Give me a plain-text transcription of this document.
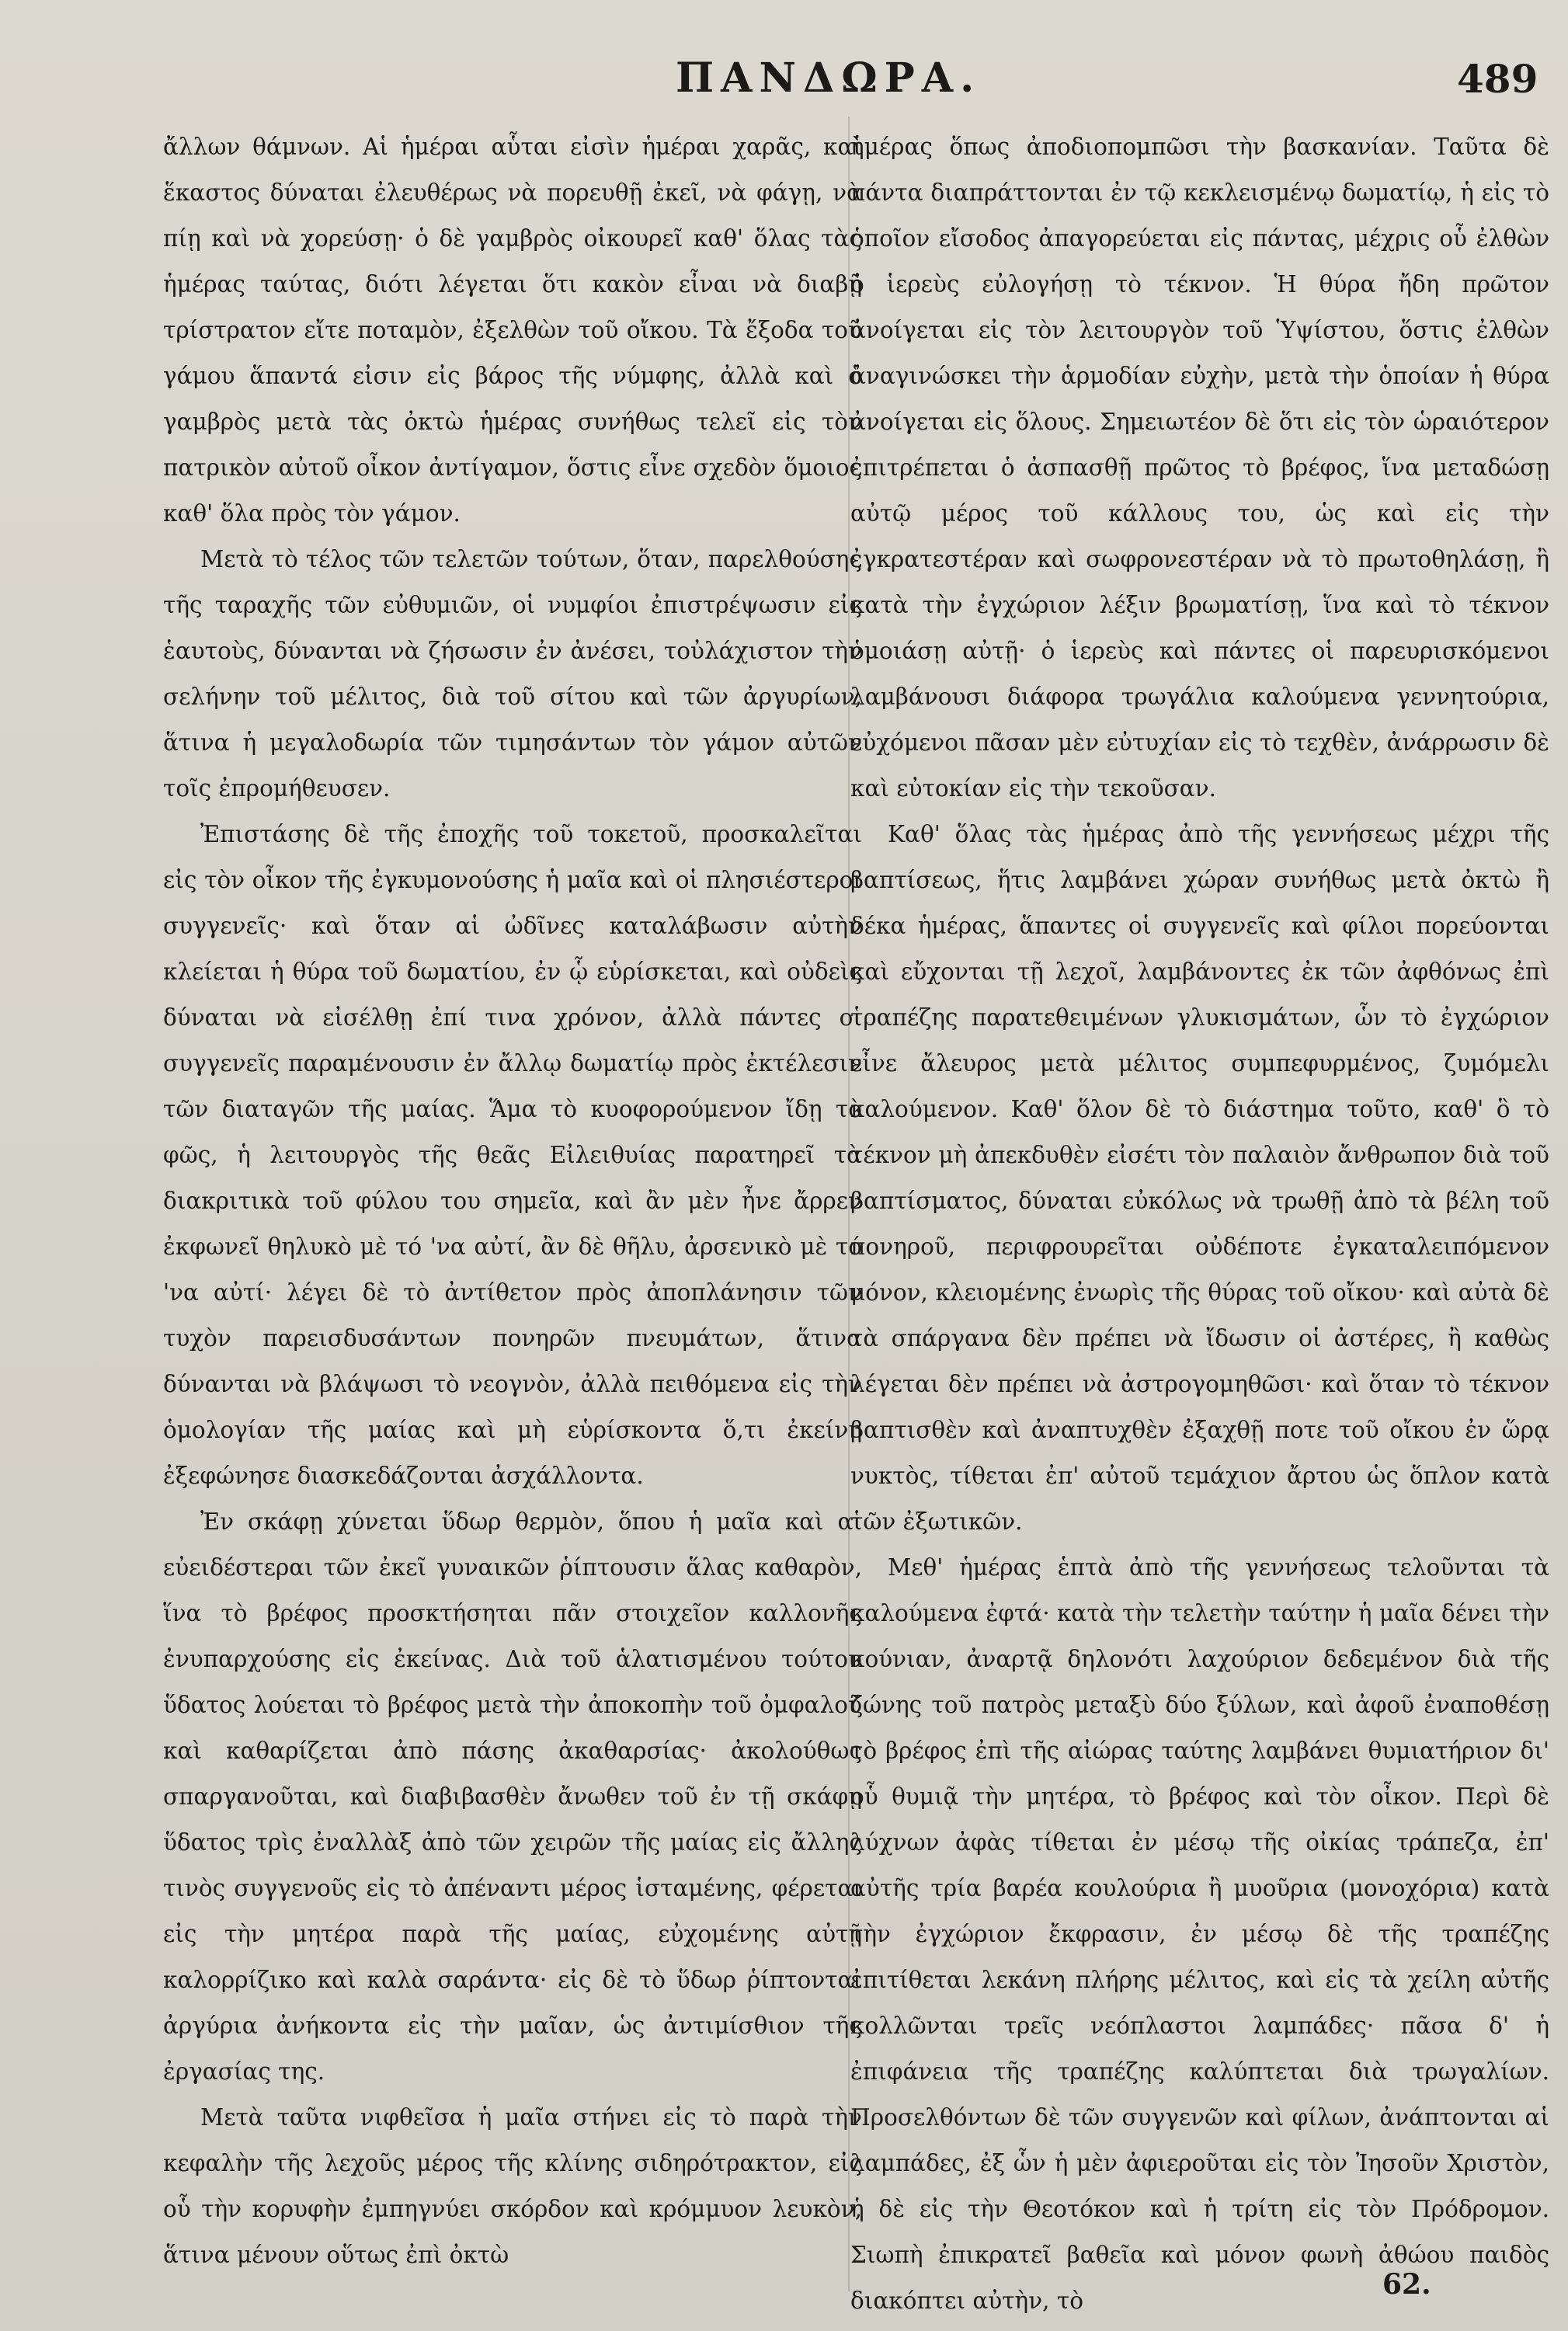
ΠΑΝΔΩΡΑ.	489

ἄλλων θάμνων. Αἱ ἡμέραι αὗται εἰσὶν ἡμέραι χαρᾶς, καὶ ἕκαστος δύναται ἐλευθέρως νὰ πορευθῇ ἐκεῖ, νὰ φάγῃ, νὰ πίῃ καὶ νὰ χορεύσῃ· ὁ δὲ γαμβρὸς οἰκουρεῖ καθ' ὅλας τὰς ἡμέρας ταύτας, διότι λέγεται ὅτι κακὸν εἶναι νὰ διαβῇ τρίστρατον εἴτε ποταμὸν, ἐξελθὼν τοῦ οἴκου. Τὰ ἔξοδα τοῦ γάμου ἅπαντά εἰσιν εἰς βάρος τῆς νύμφης, ἀλλὰ καὶ ὁ γαμβρὸς μετὰ τὰς ὀκτὼ ἡμέρας συνήθως τελεῖ εἰς τὸν πατρικὸν αὐτοῦ οἶκον ἀντίγαμον, ὅστις εἶνε σχεδὸν ὅμοιος καθ' ὅλα πρὸς τὸν γάμον.

Μετὰ τὸ τέλος τῶν τελετῶν τούτων, ὅταν, παρελθούσης τῆς ταραχῆς τῶν εὐθυμιῶν, οἱ νυμφίοι ἐπιστρέψωσιν εἰς ἑαυτοὺς, δύνανται νὰ ζήσωσιν ἐν ἀνέσει, τοὐλάχιστον τὴν σελήνην τοῦ μέλιτος, διὰ τοῦ σίτου καὶ τῶν ἀργυρίων, ἅτινα ἡ μεγαλοδωρία τῶν τιμησάντων τὸν γάμον αὐτῶν τοῖς ἐπρομήθευσεν.

Ἐπιστάσης δὲ τῆς ἐποχῆς τοῦ τοκετοῦ, προσκαλεῖται εἰς τὸν οἶκον τῆς ἐγκυμονούσης ἡ μαῖα καὶ οἱ πλησιέστεροι συγγενεῖς· καὶ ὅταν αἱ ὠδῖνες καταλάβωσιν αὐτὴν κλείεται ἡ θύρα τοῦ δωματίου, ἐν ᾧ εὑρίσκεται, καὶ οὐδεὶς δύναται νὰ εἰσέλθῃ ἐπί τινα χρόνον, ἀλλὰ πάντες οἱ συγγενεῖς παραμένουσιν ἐν ἄλλῳ δωματίῳ πρὸς ἐκτέλεσιν τῶν διαταγῶν τῆς μαίας. Ἅμα τὸ κυοφορούμενον ἴδῃ τὸ φῶς, ἡ λειτουργὸς τῆς θεᾶς Εἰλειθυίας παρατηρεῖ τὰ διακριτικὰ τοῦ φύλου του σημεῖα, καὶ ἂν μὲν ἦνε ἄρρεν ἐκφωνεῖ θηλυκὸ μὲ τό 'να αὐτί, ἂν δὲ θῆλυ, ἀρσενικὸ μὲ τό 'να αὐτί· λέγει δὲ τὸ ἀντίθετον πρὸς ἀποπλάνησιν τῶν τυχὸν παρεισδυσάντων πονηρῶν πνευμάτων, ἅτινα δύνανται νὰ βλάψωσι τὸ νεογνὸν, ἀλλὰ πειθόμενα εἰς τὴν ὁμολογίαν τῆς μαίας καὶ μὴ εὑρίσκοντα ὅ,τι ἐκείνη ἐξεφώνησε διασκεδάζονται ἀσχάλλοντα.

Ἐν σκάφῃ χύνεται ὕδωρ θερμὸν, ὅπου ἡ μαῖα καὶ αἱ εὐειδέστεραι τῶν ἐκεῖ γυναικῶν ῥίπτουσιν ἅλας καθαρὸν, ἵνα τὸ βρέφος προσκτήσηται πᾶν στοιχεῖον καλλονῆς ἐνυπαρχούσης εἰς ἐκείνας. Διὰ τοῦ ἁλατισμένου τούτου ὕδατος λούεται τὸ βρέφος μετὰ τὴν ἀποκοπὴν τοῦ ὀμφαλοῦ καὶ καθαρίζεται ἀπὸ πάσης ἀκαθαρσίας· ἀκολούθως σπαργανοῦται, καὶ διαβιβασθὲν ἄνωθεν τοῦ ἐν τῇ σκάφῃ ὕδατος τρὶς ἐναλλὰξ ἀπὸ τῶν χειρῶν τῆς μαίας εἰς ἄλλης τινὸς συγγενοῦς εἰς τὸ ἀπέναντι μέρος ἱσταμένης, φέρεται εἰς τὴν μητέρα παρὰ τῆς μαίας, εὐχομένης αὐτῇ καλορρίζικο καὶ καλὰ σαράντα· εἰς δὲ τὸ ὕδωρ ῥίπτονται ἀργύρια ἀνήκοντα εἰς τὴν μαῖαν, ὡς ἀντιμίσθιον τῆς ἐργασίας της.

Μετὰ ταῦτα νιφθεῖσα ἡ μαῖα στήνει εἰς τὸ παρὰ τὴν κεφαλὴν τῆς λεχοῦς μέρος τῆς κλίνης σιδηρότρακτον, εἰς οὗ τὴν κορυφὴν ἐμπηγνύει σκόρδον καὶ κρόμμυον λευκὸν, ἅτινα μένουν οὕτως ἐπὶ ὀκτὼ

ἡμέρας ὅπως ἀποδιοπομπῶσι τὴν βασκανίαν. Ταῦτα δὲ πάντα διαπράττονται ἐν τῷ κεκλεισμένῳ δωματίῳ, ἡ εἰς τὸ ὁποῖον εἴσοδος ἀπαγορεύεται εἰς πάντας, μέχρις οὗ ἐλθὼν ὁ ἱερεὺς εὐλογήσῃ τὸ τέκνον. Ἡ θύρα ἤδη πρῶτον ἀνοίγεται εἰς τὸν λειτουργὸν τοῦ Ὑψίστου, ὅστις ἐλθὼν ἀναγινώσκει τὴν ἁρμοδίαν εὐχὴν, μετὰ τὴν ὁποίαν ἡ θύρα ἀνοίγεται εἰς ὅλους. Σημειωτέον δὲ ὅτι εἰς τὸν ὡραιότερον ἐπιτρέπεται ὁ ἀσπασθῇ πρῶτος τὸ βρέφος, ἵνα μεταδώσῃ αὐτῷ μέρος τοῦ κάλλους του, ὡς καὶ εἰς τὴν ἐγκρατεστέραν καὶ σωφρονεστέραν νὰ τὸ πρωτοθηλάσῃ, ἢ κατὰ τὴν ἐγχώριον λέξιν βρωματίσῃ, ἵνα καὶ τὸ τέκνον ὁμοιάσῃ αὐτῇ· ὁ ἱερεὺς καὶ πάντες οἱ παρευρισκόμενοι λαμβάνουσι διάφορα τρωγάλια καλούμενα γεννητούρια, εὐχόμενοι πᾶσαν μὲν εὐτυχίαν εἰς τὸ τεχθὲν, ἀνάρρωσιν δὲ καὶ εὐτοκίαν εἰς τὴν τεκοῦσαν.

Καθ' ὅλας τὰς ἡμέρας ἀπὸ τῆς γεννήσεως μέχρι τῆς βαπτίσεως, ἥτις λαμβάνει χώραν συνήθως μετὰ ὀκτὼ ἢ δέκα ἡμέρας, ἅπαντες οἱ συγγενεῖς καὶ φίλοι πορεύονται καὶ εὔχονται τῇ λεχοῖ, λαμβάνοντες ἐκ τῶν ἀφθόνως ἐπὶ τραπέζης παρατεθειμένων γλυκισμάτων, ὧν τὸ ἐγχώριον εἶνε ἄλευρος μετὰ μέλιτος συμπεφυρμένος, ζυμόμελι καλούμενον. Καθ' ὅλον δὲ τὸ διάστημα τοῦτο, καθ' ὃ τὸ τέκνον μὴ ἀπεκδυθὲν εἰσέτι τὸν παλαιὸν ἄνθρωπον διὰ τοῦ βαπτίσματος, δύναται εὐκόλως νὰ τρωθῇ ἀπὸ τὰ βέλη τοῦ πονηροῦ, περιφρουρεῖται οὐδέποτε ἐγκαταλειπόμενον μόνον, κλειομένης ἐνωρὶς τῆς θύρας τοῦ οἴκου· καὶ αὐτὰ δὲ τὰ σπάργανα δὲν πρέπει νὰ ἴδωσιν οἱ ἀστέρες, ἢ καθὼς λέγεται δὲν πρέπει νὰ ἀστρογομηθῶσι· καὶ ὅταν τὸ τέκνον βαπτισθὲν καὶ ἀναπτυχθὲν ἐξαχθῇ ποτε τοῦ οἴκου ἐν ὥρᾳ νυκτὸς, τίθεται ἐπ' αὐτοῦ τεμάχιον ἄρτου ὡς ὅπλον κατὰ τῶν ἐξωτικῶν.

Μεθ' ἡμέρας ἑπτὰ ἀπὸ τῆς γεννήσεως τελοῦνται τὰ καλούμενα ἐφτά· κατὰ τὴν τελετὴν ταύτην ἡ μαῖα δένει τὴν κούνιαν, ἀναρτᾷ δηλονότι λαχούριον δεδεμένον διὰ τῆς ζώνης τοῦ πατρὸς μεταξὺ δύο ξύλων, καὶ ἀφοῦ ἐναποθέσῃ τὸ βρέφος ἐπὶ τῆς αἰώρας ταύτης λαμβάνει θυμιατήριον δι' οὗ θυμιᾷ τὴν μητέρα, τὸ βρέφος καὶ τὸν οἶκον. Περὶ δὲ λύχνων ἀφὰς τίθεται ἐν μέσῳ τῆς οἰκίας τράπεζα, ἐπ' αὐτῆς τρία βαρέα κουλούρια ἢ μυοῦρια (μονοχόρια) κατὰ τὴν ἐγχώριον ἔκφρασιν, ἐν μέσῳ δὲ τῆς τραπέζης ἐπιτίθεται λεκάνη πλήρης μέλιτος, καὶ εἰς τὰ χείλη αὐτῆς κολλῶνται τρεῖς νεόπλαστοι λαμπάδες· πᾶσα δ' ἡ ἐπιφάνεια τῆς τραπέζης καλύπτεται διὰ τρωγαλίων. Προσελθόντων δὲ τῶν συγγενῶν καὶ φίλων, ἀνάπτονται αἱ λαμπάδες, ἐξ ὧν ἡ μὲν ἀφιεροῦται εἰς τὸν Ἰησοῦν Χριστὸν, ἡ δὲ εἰς τὴν Θεοτόκον καὶ ἡ τρίτη εἰς τὸν Πρόδρομον. Σιωπὴ ἐπικρατεῖ βαθεῖα καὶ μόνον φωνὴ ἀθώου παιδὸς διακόπτει αὐτὴν, τὸ	62.
